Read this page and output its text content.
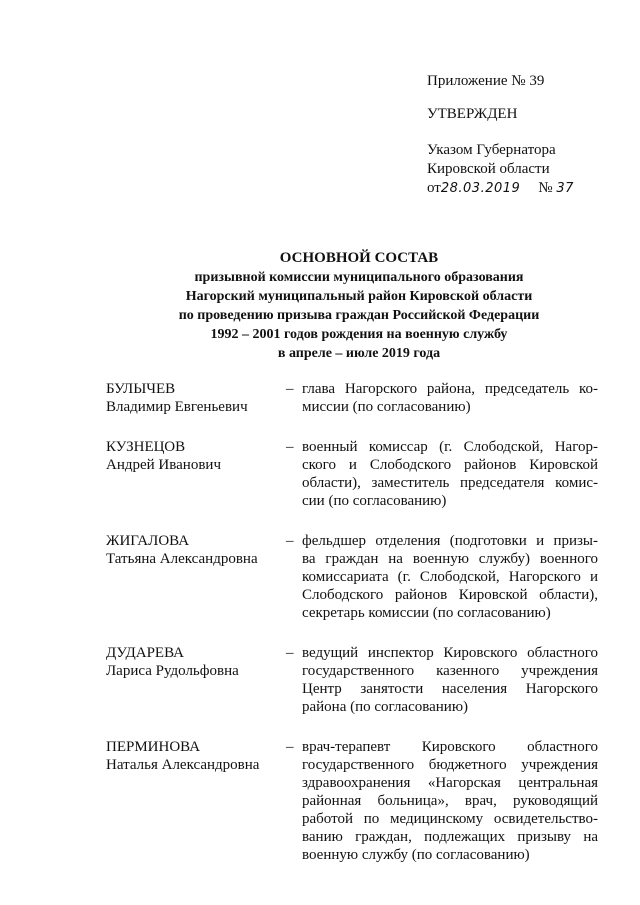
Приложение № 39
УТВЕРЖДЕН
Указом Губернатора
Кировской области
от28.03.2019 № 37
ОСНОВНОЙ СОСТАВ
призывной комиссии муниципального образования
Нагорский муниципальный район Кировской области
по проведению призыва граждан Российской Федерации
1992 – 2001 годов рождения на военную службу
в апреле – июле 2019 года
БУЛЫЧЕВ
Владимир Евгеньевич
– глава Нагорского района, председатель ко-
миссии (по согласованию)
КУЗНЕЦОВ
Андрей Иванович
– военный комиссар (г. Слободской, Нагор-
ского и Слободского районов Кировской
области), заместитель председателя комис-
сии (по согласованию)
ЖИГАЛОВА
Татьяна Александровна
– фельдшер отделения (подготовки и призы-
ва граждан на военную службу) военного
комиссариата (г. Слободской, Нагорского и
Слободского районов Кировской области),
секретарь комиссии (по согласованию)
ДУДАРЕВА
Лариса Рудольфовна
– ведущий инспектор Кировского областного
государственного казенного учреждения
Центр занятости населения Нагорского
района (по согласованию)
ПЕРМИНОВА
Наталья Александровна
– врач-терапевт Кировского областного
государственного бюджетного учреждения
здравоохранения «Нагорская центральная
районная больница», врач, руководящий
работой по медицинскому освидетельство-
ванию граждан, подлежащих призыву на
военную службу (по согласованию)
